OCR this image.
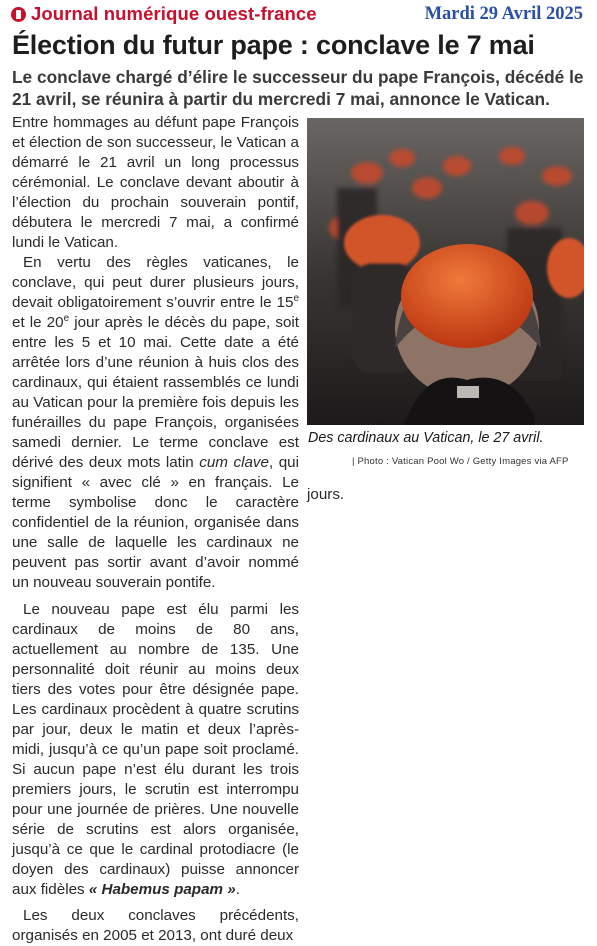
Journal numérique ouest-france	Mardi 29 Avril 2025
Élection du futur pape : conclave le 7 mai
Le conclave chargé d’élire le successeur du pape François, décédé le 21 avril, se réunira à partir du mercredi 7 mai, annonce le Vatican.

Entre hommages au défunt pape François et élection de son successeur, le Vatican a démarré le 21 avril un long processus cérémonial. Le conclave devant aboutir à l’élection du prochain souverain pontif, débutera le mercredi 7 mai, a confirmé lundi le Vatican.

En vertu des règles vaticanes, le conclave, qui peut durer plusieurs jours, devait obligatoirement s’ouvrir entre le 15e et le 20e jour après le décès du pape, soit entre les 5 et 10 mai. Cette date a été arrêtée lors d’une réunion à huis clos des cardinaux, qui étaient rassemblés ce lundi au Vatican pour la première fois depuis les funérailles du pape François, organisées samedi dernier. Le terme conclave est dérivé des deux mots latin cum clave, qui signifient « avec clé » en français. Le terme symbolise donc le caractère confidentiel de la réunion, organisée dans une salle de laquelle les cardinaux ne peuvent pas sortir avant d’avoir nommé un nouveau souverain pontife.

Le nouveau pape est élu parmi les cardinaux de moins de 80 ans, actuellement au nombre de 135. Une personnalité doit réunir au moins deux tiers des votes pour être désignée pape. Les cardinaux procèdent à quatre scrutins par jour, deux le matin et deux l’après-midi, jusqu’à ce qu’un pape soit proclamé. Si aucun pape n’est élu durant les trois premiers jours, le scrutin est interrompu pour une journée de prières. Une nouvelle série de scrutins est alors organisée, jusqu’à ce que le cardinal protodiacre (le doyen des cardinaux) puisse annoncer aux fidèles « Habemus papam ».

Les deux conclaves précédents, organisés en 2005 et 2013, ont duré deux

jours.

Des cardinaux au Vatican, le 27 avril.
| Photo : Vatican Pool Wo / Getty Images via AFP
